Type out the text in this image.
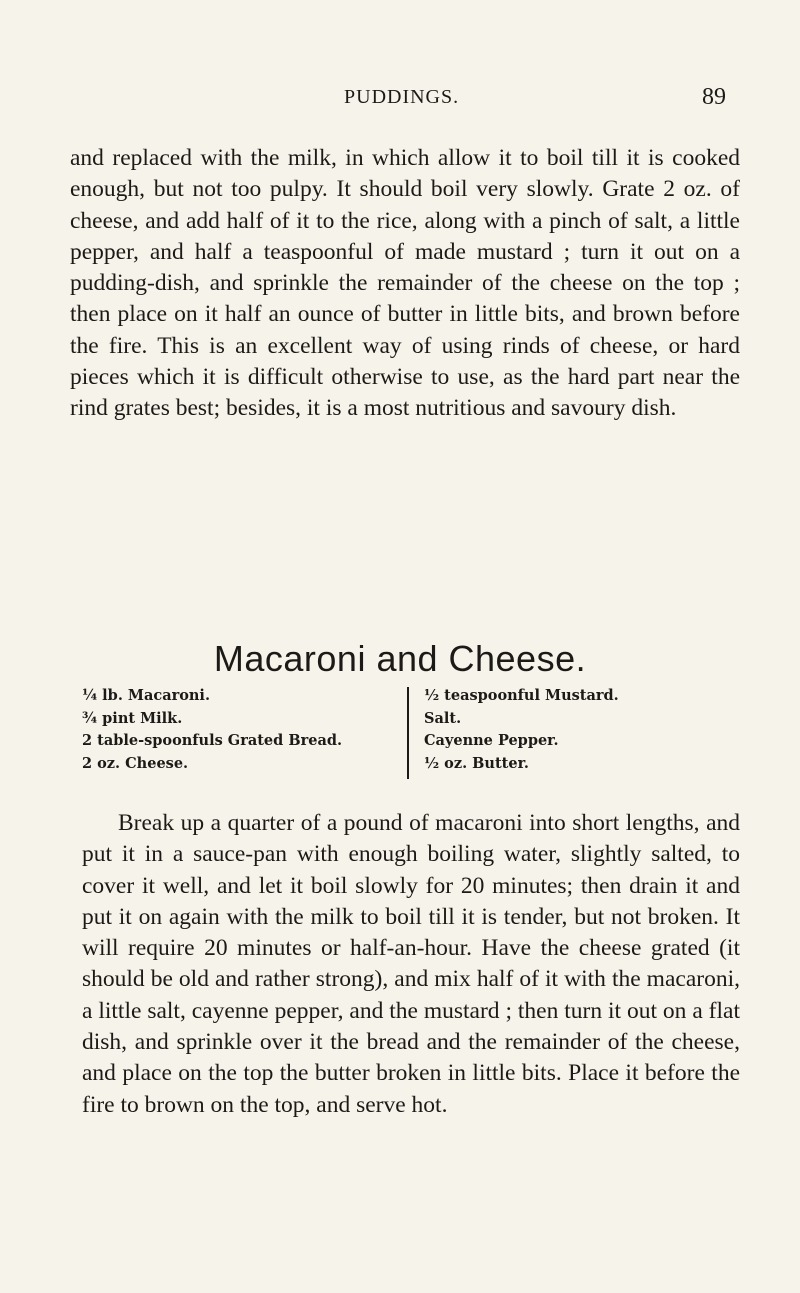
PUDDINGS.	89

and replaced with the milk, in which allow it to boil till it is cooked enough, but not too pulpy. It should boil very slowly. Grate 2 oz. of cheese, and add half of it to the rice, along with a pinch of salt, a little pepper, and half a teaspoonful of made mustard ; turn it out on a pudding-dish, and sprinkle the remainder of the cheese on the top ; then place on it half an ounce of butter in little bits, and brown before the fire. This is an excellent way of using rinds of cheese, or hard pieces which it is difficult otherwise to use, as the hard part near the rind grates best; besides, it is a most nutritious and savoury dish.

Macaroni and Cheese.
¼ lb. Macaroni.
¾ pint Milk.
2 table-spoonfuls Grated Bread.
2 oz. Cheese.
½ teaspoonful Mustard.
Salt.
Cayenne Pepper.
½ oz. Butter.

Break up a quarter of a pound of macaroni into short lengths, and put it in a sauce-pan with enough boiling water, slightly salted, to cover it well, and let it boil slowly for 20 minutes; then drain it and put it on again with the milk to boil till it is tender, but not broken. It will require 20 minutes or half-an-hour. Have the cheese grated (it should be old and rather strong), and mix half of it with the macaroni, a little salt, cayenne pepper, and the mustard ; then turn it out on a flat dish, and sprinkle over it the bread and the remainder of the cheese, and place on the top the butter broken in little bits. Place it before the fire to brown on the top, and serve hot.
